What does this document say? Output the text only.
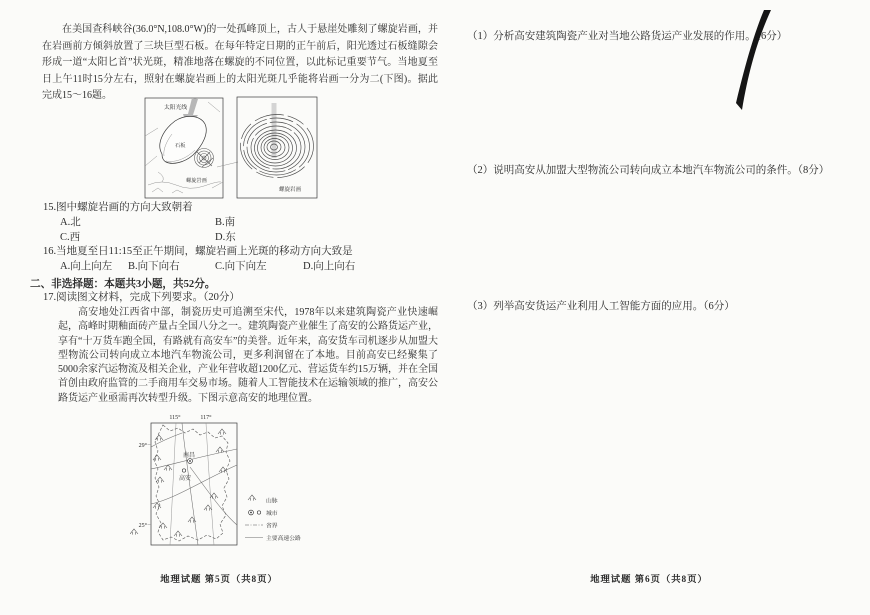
在美国查科峡谷(36.0°N,108.0°W)的一处孤峰顶上，古人于悬崖处雕刻了螺旋岩画，并在岩画前方倾斜放置了三块巨型石板。在每年特定日期的正午前后，阳光透过石板缝隙会形成一道“太阳匕首”状光斑，精准地落在螺旋的不同位置，以此标记重要节气。当地夏至日上午11时15分左右，照射在螺旋岩画上的太阳光斑几乎能将岩画一分为二(下图)。据此完成15～16题。
太阳光线
石板
螺旋岩画
螺旋岩画
15.图中螺旋岩画的方向大致朝着
A.北	B.南
C.西	D.东
16.当地夏至日11:15至正午期间，螺旋岩画上光斑的移动方向大致是
A.向上向左 B.向下向右	C.向下向左	D.向上向右
二、非选择题：本题共3小题，共52分。
17.阅读图文材料，完成下列要求。（20分）
高安地处江西省中部，制瓷历史可追溯至宋代，1978年以来建筑陶瓷产业快速崛起，高峰时期釉面砖产量占全国八分之一。建筑陶瓷产业催生了高安的公路货运产业，享有“十万货车跑全国，有路就有高安车”的美誉。近年来，高安货车司机逐步从加盟大型物流公司转向成立本地汽车物流公司，更多利润留在了本地。目前高安已经聚集了5000余家汽运物流及相关企业，产业年营收超1200亿元、营运货车约15万辆，并在全国首创由政府监管的二手商用车交易市场。随着人工智能技术在运输领域的推广，高安公路货运产业亟需再次转型升级。下图示意高安的地理位置。
115°	117°
29°
25°
南昌
高安
山脉
城市
省界
主要高速公路
地理试题 第5页（共8页）
（1）分析高安建筑陶瓷产业对当地公路货运产业发展的作用。（6分）
（2）说明高安从加盟大型物流公司转向成立本地汽车物流公司的条件。（8分）
（3）列举高安货运产业利用人工智能方面的应用。（6分）
地理试题 第6页（共8页）
